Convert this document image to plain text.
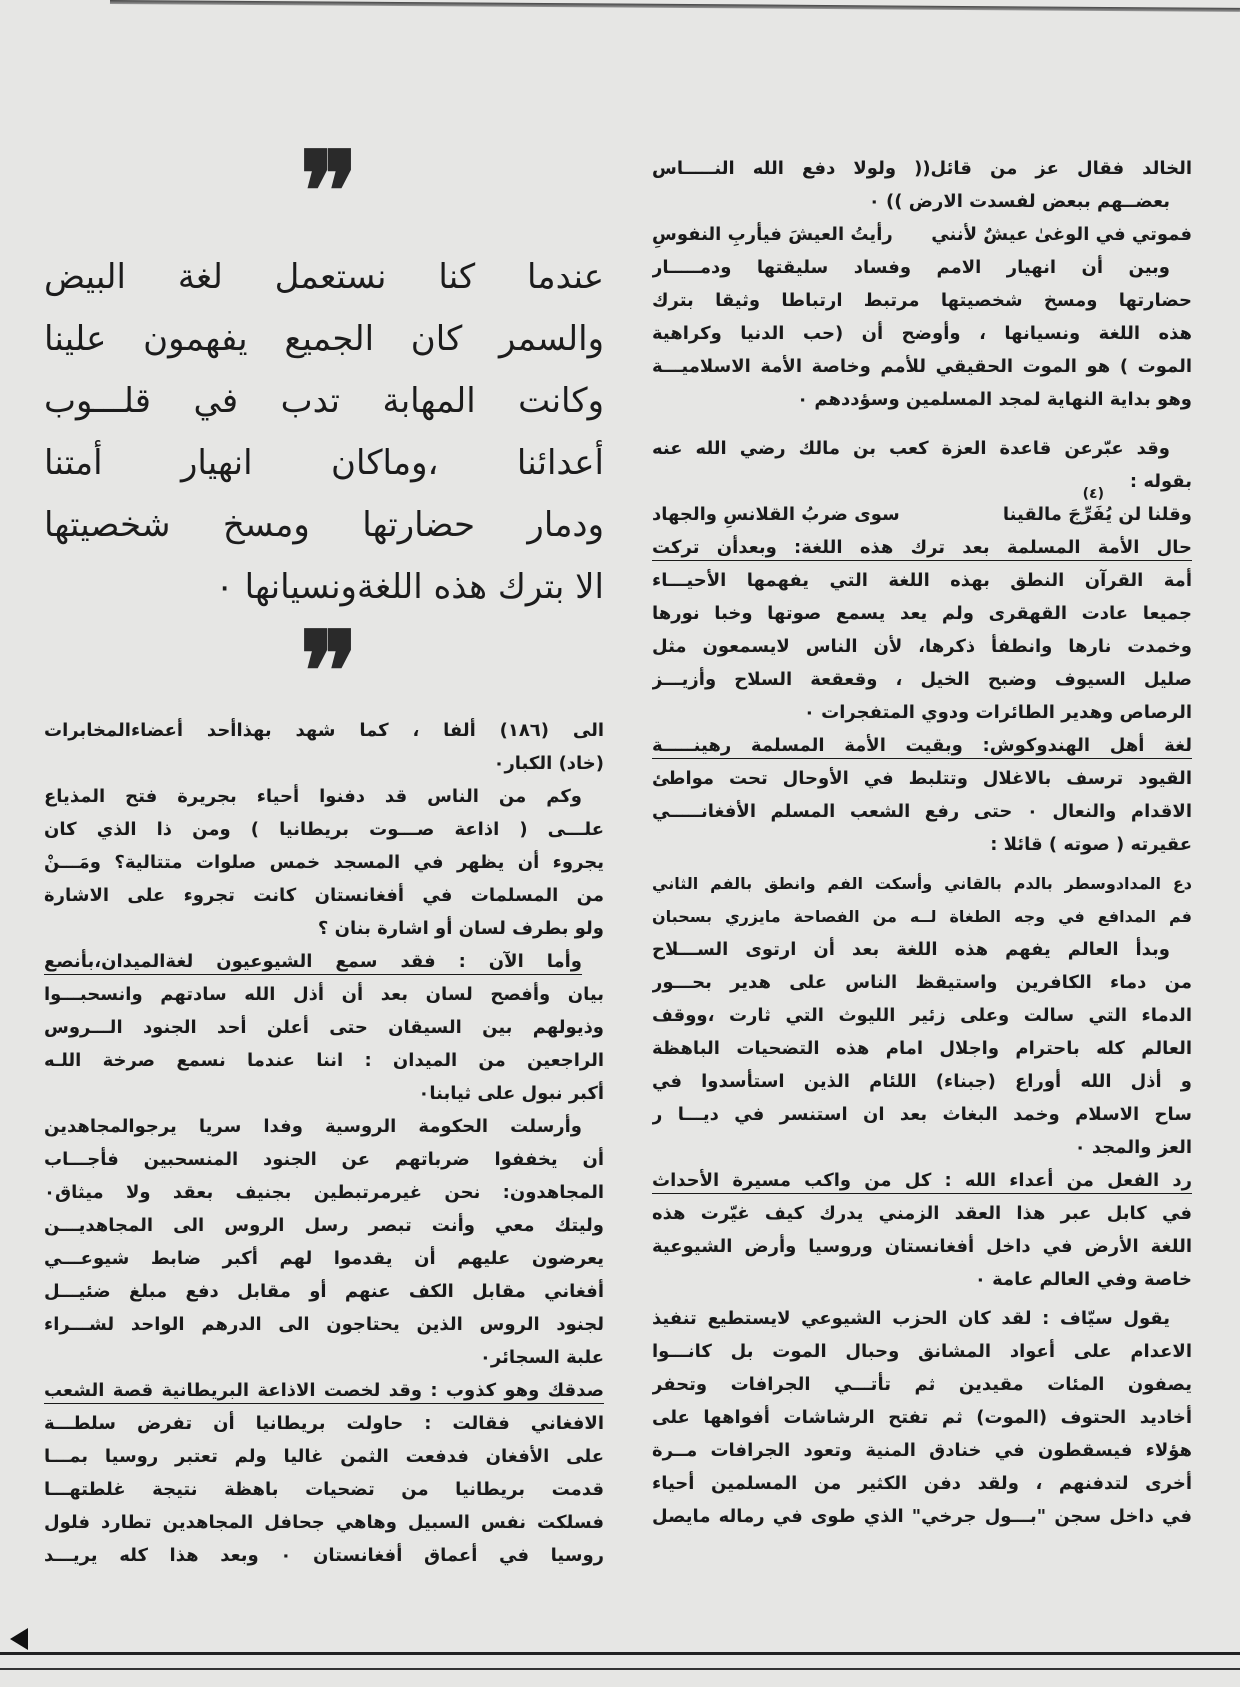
الخالد فقال عز من قائل(( ولولا دفع الله النـــــاس
بعضــهم ببعض لفسدت الارض )) ٠
فموتي في الوغىٰ عيشٌ لأنني
رأيتُ العيشَ فيأربِ النفوسِ
وبين أن انهيار الامم وفساد سليقتها ودمـــــار
حضارتها ومسخ شخصيتها مرتبط ارتباطا وثيقا بترك
هذه اللغة ونسيانها ، وأوضح أن (حب الدنيا وكراهية
الموت ) هو الموت الحقيقي للأمم وخاصة الأمة الاسلاميـــة
وهو بداية النهاية لمجد المسلمين وسؤددهم ٠
وقد عبّرعن قاعدة العزة كعب بن مالك رضي الله عنه
بقوله :
وقلنا لن يُفَرِّجَ مالقينا
(٤)
سوى ضربُ القلانسِ والجهاد
حال الأمة المسلمة بعد ترك هذه اللغة: وبعدأن تركت
أمة القرآن النطق بهذه اللغة التي يفهمها الأحيـــاء
جميعا عادت القهقرى ولم يعد يسمع صوتها وخبا نورها
وخمدت نارها وانطفأ ذكرها، لأن الناس لايسمعون مثل
صليل السيوف وضبح الخيل ، وقعقعة السلاح وأزيـــز
الرصاص وهدير الطائرات ودوي المتفجرات ٠
لغة أهل الهندوكوش: وبقيت الأمة المسلمة رهينـــــة
القيود ترسف بالاغلال وتتلبط في الأوحال تحت مواطئ
الاقدام والنعال ٠ حتى رفع الشعب المسلم الأفغانـــــي
عقيرته ( صوته ) قائلا :
دع المدادوسطر بالدم بالقاني وأسكت الفم وانطق بالفم الثاني
فم المدافع في وجه الطغاة لــه من الفصاحة مايزري بسحبان
وبدأ العالم يفهم هذه اللغة بعد أن ارتوى الســـلاح
من دماء الكافرين واستيقظ الناس على هدير بحـــور
الدماء التي سالت وعلى زئير الليوث التي ثارت ،ووقف
العالم كله باحترام واجلال امام هذه التضحيات الباهظة
و أذل الله أوراع (جبناء) اللئام الذين استأسدوا في
ساح الاسلام وخمد البغاث بعد ان استنسر في ديـــا ر
العز والمجد ٠
رد الفعل من أعداء الله : كل من واكب مسيرة الأحداث
في كابل عبر هذا العقد الزمني يدرك كيف غيّرت هذه
اللغة الأرض في داخل أفغانستان وروسيا وأرض الشيوعية
خاصة وفي العالم عامة ٠
يقول سيّاف : لقد كان الحزب الشيوعي لايستطيع تنفيذ
الاعدام على أعواد المشانق وحبال الموت بل كانـــوا
يصفون المئات مقيدين ثم تأتـــي الجرافات وتحفر
أخاديد الحتوف (الموت) ثم تفتح الرشاشات أفواهها على
هؤلاء فيسقطون في خنادق المنية وتعود الجرافات مــرة
أخرى لتدفنهم ، ولقد دفن الكثير من المسلمين أحياء
في داخل سجن "بـــول جرخي" الذي طوى في رماله مايصل
❞
عندما كنا نستعمل لغة البيض
والسمر كان الجميع يفهمون علينا
وكانت المهابة تدب في قلـــوب
أعدائنا ،وماكان انهيار أمتنا
ودمار حضارتها ومسخ شخصيتها
الا بترك هذه اللغةونسيانها ٠
❞
الى (١٨٦) ألفا ، كما شهد بهذاأحد أعضاءالمخابرات
(خاد) الكبار٠
وكم من الناس قد دفنوا أحياء بجريرة فتح المذياع
علـــى ( اذاعة صـــوت بريطانيا ) ومن ذا الذي كان
يجروء أن يظهر في المسجد خمس صلوات متتالية؟ ومَـــنْ
من المسلمات في أفغانستان كانت تجروء على الاشارة
ولو بطرف لسان أو اشارة بنان ؟
وأما الآن : فقد سمع الشيوعيون لغةالميدان،بأنصع
بيان وأفصح لسان بعد أن أذل الله سادتهم وانسحبـــوا
وذيولهم بين السيقان حتى أعلن أحد الجنود الـــروس
الراجعين من الميدان : اننا عندما نسمع صرخة اللـه
أكبر نبول على ثيابنا٠
وأرسلت الحكومة الروسية وفدا سريا يرجوالمجاهدين
أن يخففوا ضرباتهم عن الجنود المنسحبين فأجـــاب
المجاهدون: نحن غيرمرتبطين بجنيف بعقد ولا ميثاق٠
وليتك معي وأنت تبصر رسل الروس الى المجاهديـــن
يعرضون عليهم أن يقدموا لهم أكبر ضابط شيوعـــي
أفغاني مقابل الكف عنهم أو مقابل دفع مبلغ ضئيـــل
لجنود الروس الذين يحتاجون الى الدرهم الواحد لشـــراء
علبة السجائر٠
صدقك وهو كذوب : وقد لخصت الاذاعة البريطانية قصة الشعب
الافغاني فقالت : حاولت بريطانيا أن تفرض سلطـــة
على الأفغان فدفعت الثمن غاليا ولم تعتبر روسيا بمـــا
قدمت بريطانيا من تضحيات باهظة نتيجة غلطتهـــا
فسلكت نفس السبيل وهاهي جحافل المجاهدين تطارد فلول
روسيا في أعماق أفغانستان ٠ وبعد هذا كله يريـــد
